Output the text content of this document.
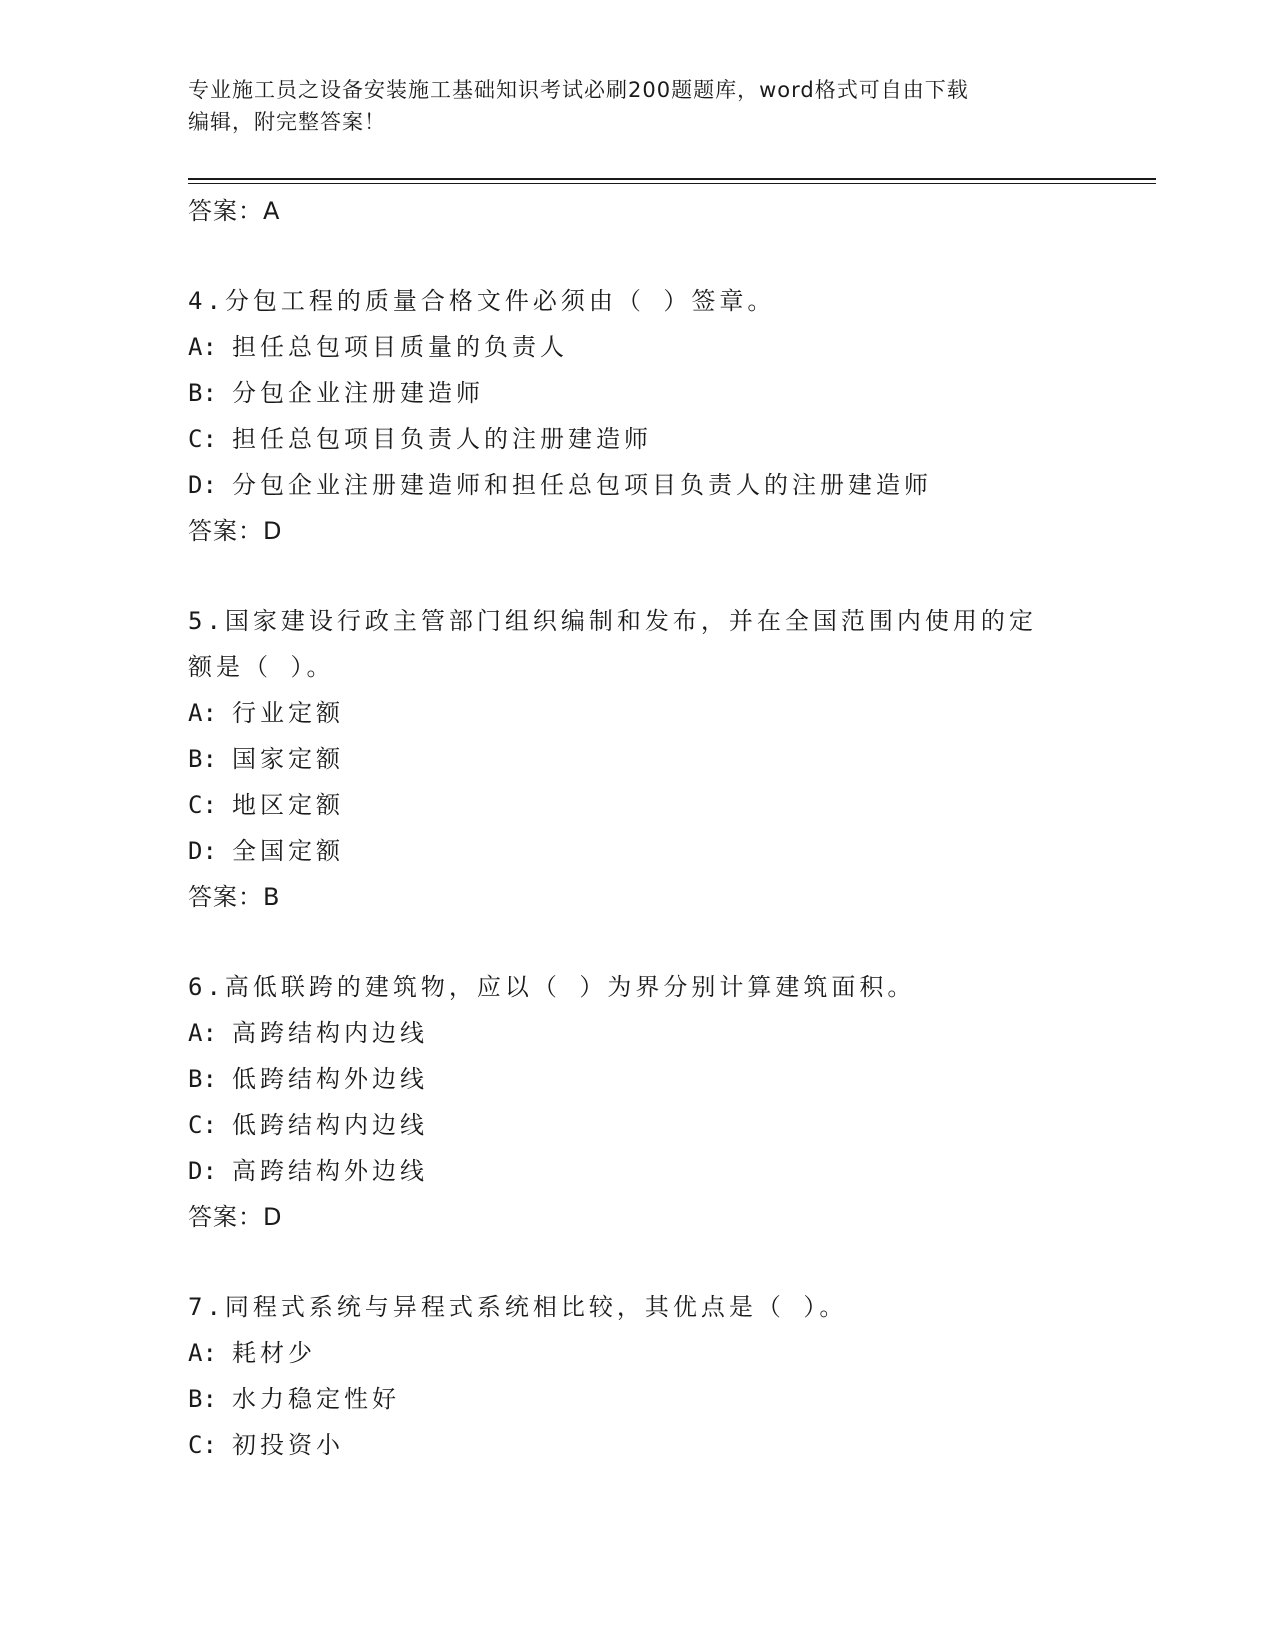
专业施工员之设备安装施工基础知识考试必刷200题题库，word格式可自由下载
编辑，附完整答案！
答案：A
4.分包工程的质量合格文件必须由（ ）签章。
A: 担任总包项目质量的负责人
B: 分包企业注册建造师
C: 担任总包项目负责人的注册建造师
D: 分包企业注册建造师和担任总包项目负责人的注册建造师
答案：D
5.国家建设行政主管部门组织编制和发布，并在全国范围内使用的定
额是（ ）。
A: 行业定额
B: 国家定额
C: 地区定额
D: 全国定额
答案：B
6.高低联跨的建筑物，应以（ ）为界分别计算建筑面积。
A: 高跨结构内边线
B: 低跨结构外边线
C: 低跨结构内边线
D: 高跨结构外边线
答案：D
7.同程式系统与异程式系统相比较，其优点是（ ）。
A: 耗材少
B: 水力稳定性好
C: 初投资小
